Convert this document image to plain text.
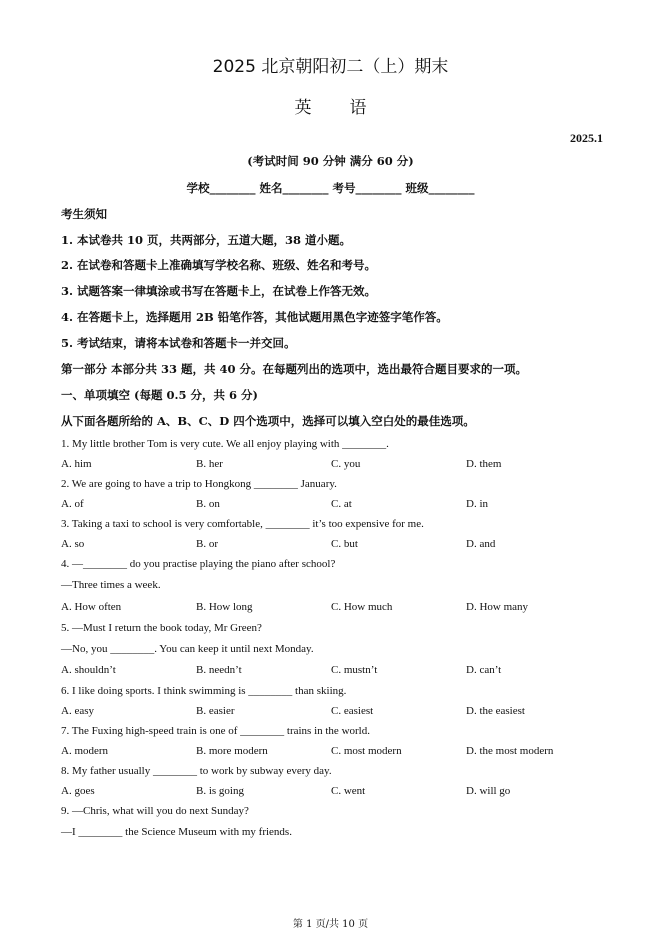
2025 北京朝阳初二（上）期末
英语
2025.1
(考试时间 90 分钟 满分 60 分)
学校________ 姓名________ 考号________ 班级________
考生须知
1. 本试卷共 10 页，共两部分，五道大题，38 道小题。
2. 在试卷和答题卡上准确填写学校名称、班级、姓名和考号。
3. 试题答案一律填涂或书写在答题卡上，在试卷上作答无效。
4. 在答题卡上，选择题用 2B 铅笔作答，其他试题用黑色字迹签字笔作答。
5. 考试结束，请将本试卷和答题卡一并交回。
第一部分 本部分共 33 题，共 40 分。在每题列出的选项中，选出最符合题目要求的一项。
一、单项填空 (每题 0.5 分，共 6 分)
从下面各题所给的 A、B、C、D 四个选项中，选择可以填入空白处的最佳选项。
1. My little brother Tom is very cute. We all enjoy playing with ________.
A. him	B. her	C. you	D. them
2. We are going to have a trip to Hongkong ________ January.
A. of	B. on	C. at	D. in
3. Taking a taxi to school is very comfortable, ________ it’s too expensive for me.
A. so	B. or	C. but	D. and
4. —________ do you practise playing the piano after school?
—Three times a week.
A. How often	B. How long	C. How much	D. How many
5. —Must I return the book today, Mr Green?
—No, you ________. You can keep it until next Monday.
A. shouldn’t	B. needn’t	C. mustn’t	D. can’t
6. I like doing sports. I think swimming is ________ than skiing.
A. easy	B. easier	C. easiest	D. the easiest
7. The Fuxing high-speed train is one of ________ trains in the world.
A. modern	B. more modern	C. most modern	D. the most modern
8. My father usually ________ to work by subway every day.
A. goes	B. is going	C. went	D. will go
9. —Chris, what will you do next Sunday?
—I ________ the Science Museum with my friends.
第 1 页/共 10 页
